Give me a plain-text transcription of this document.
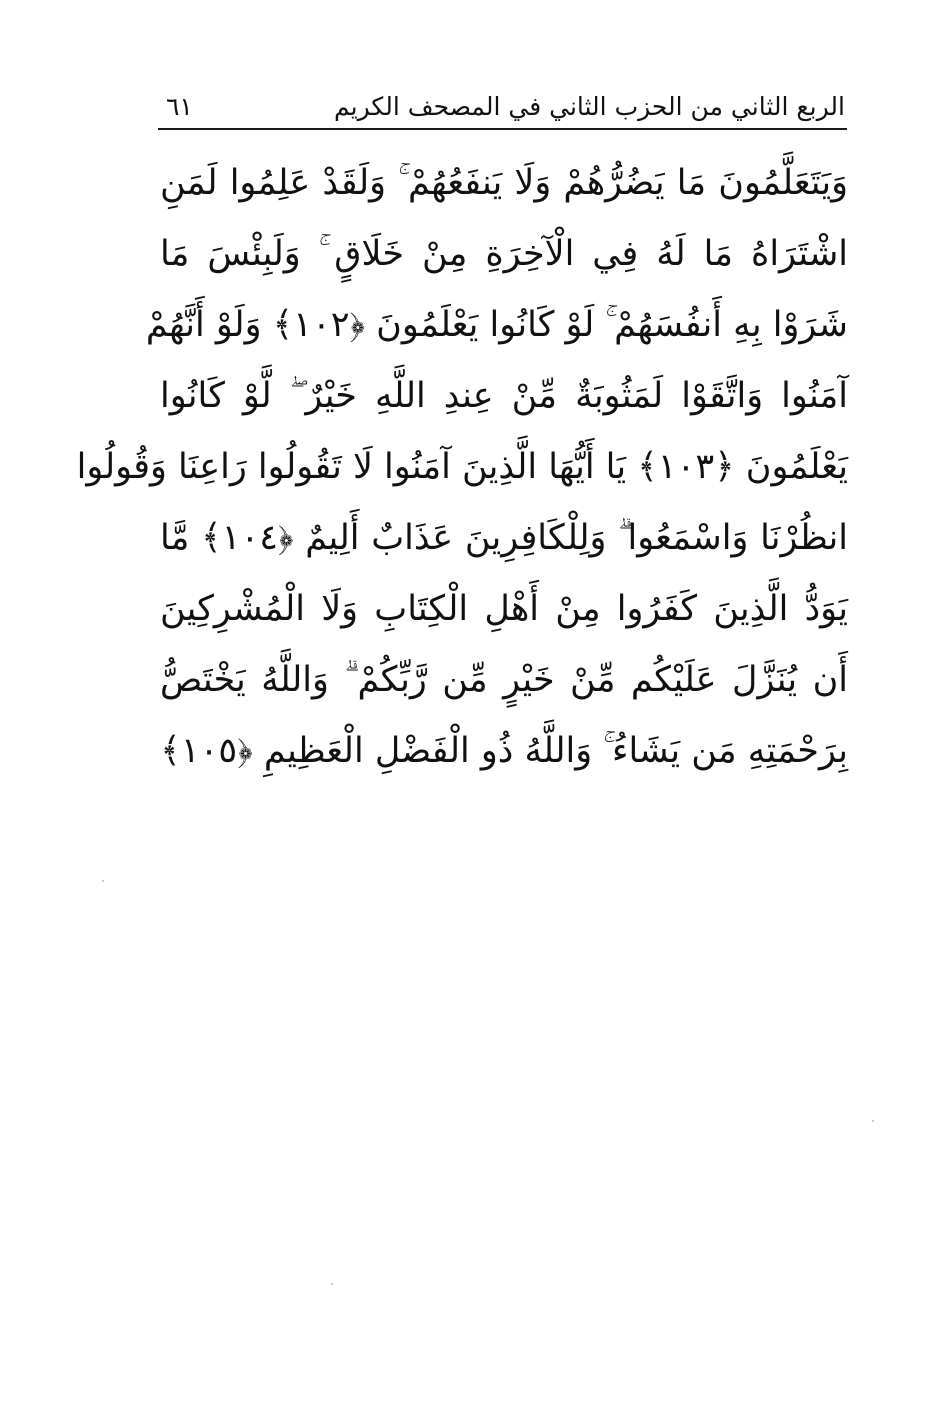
الربع الثاني من الحزب الثاني في المصحف الكريم
٦١
وَيَتَعَلَّمُونَ مَا يَضُرُّهُمْ وَلَا يَنفَعُهُمْ ۚ وَلَقَدْ عَلِمُوا لَمَنِ
اشْتَرَاهُ مَا لَهُ فِي الْآخِرَةِ مِنْ خَلَاقٍ ۚ وَلَبِئْسَ مَا
شَرَوْا بِهِ أَنفُسَهُمْ ۚ لَوْ كَانُوا يَعْلَمُونَ ﴿١٠٢﴾ وَلَوْ أَنَّهُمْ
آمَنُوا وَاتَّقَوْا لَمَثُوبَةٌ مِّنْ عِندِ اللَّهِ خَيْرٌ ۖ لَّوْ كَانُوا
يَعْلَمُونَ ﴿١٠٣﴾ يَا أَيُّهَا الَّذِينَ آمَنُوا لَا تَقُولُوا رَاعِنَا وَقُولُوا
انظُرْنَا وَاسْمَعُوا ۗ وَلِلْكَافِرِينَ عَذَابٌ أَلِيمٌ ﴿١٠٤﴾ مَّا
يَوَدُّ الَّذِينَ كَفَرُوا مِنْ أَهْلِ الْكِتَابِ وَلَا الْمُشْرِكِينَ
أَن يُنَزَّلَ عَلَيْكُم مِّنْ خَيْرٍ مِّن رَّبِّكُمْ ۗ وَاللَّهُ يَخْتَصُّ
بِرَحْمَتِهِ مَن يَشَاءُ ۚ وَاللَّهُ ذُو الْفَضْلِ الْعَظِيمِ ﴿١٠٥﴾
